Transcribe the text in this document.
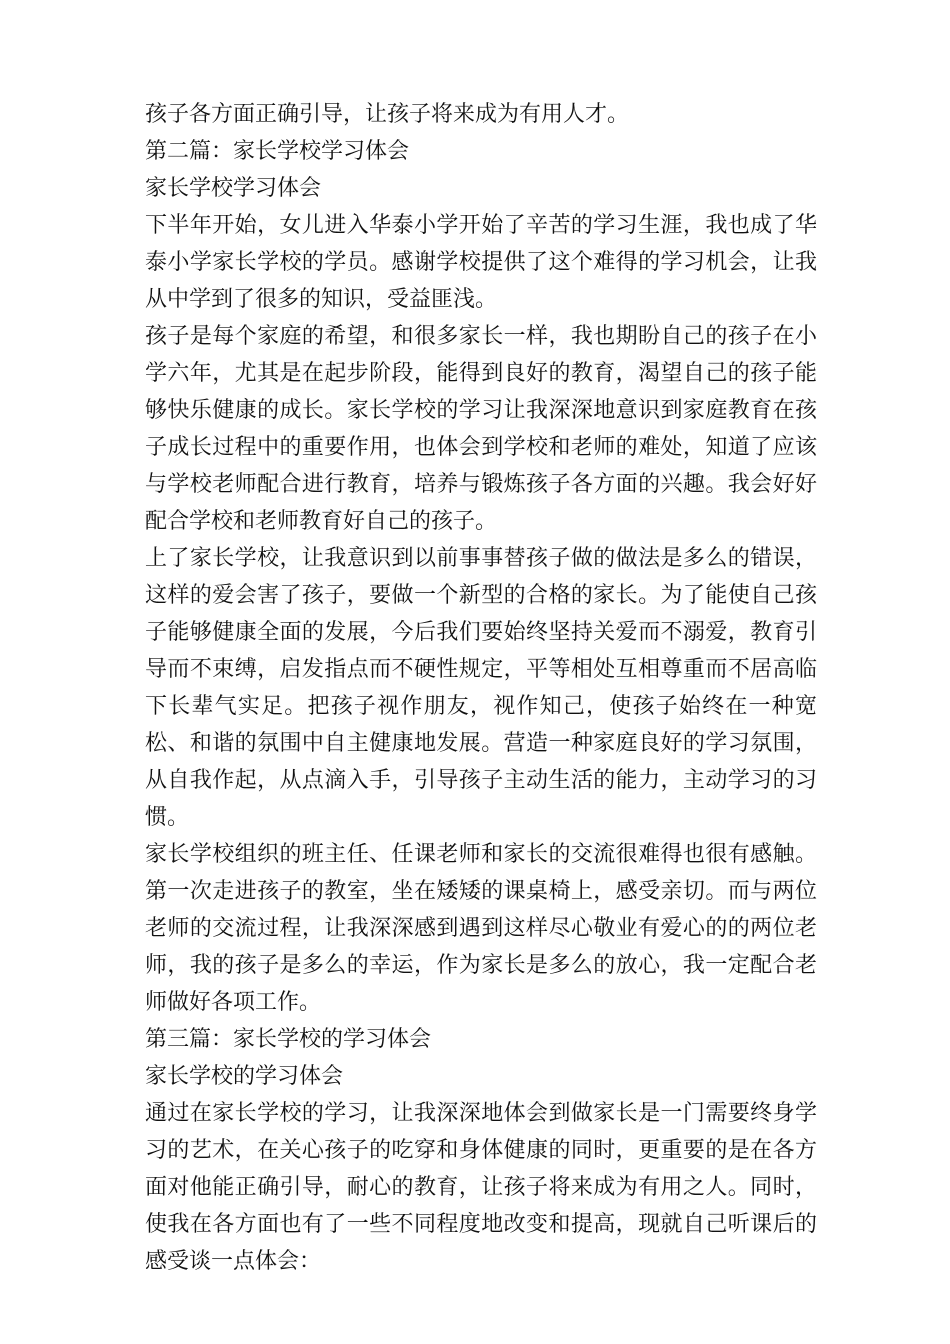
孩子各方面正确引导，让孩子将来成为有用人才。

第二篇：家长学校学习体会

家长学校学习体会

下半年开始，女儿进入华泰小学开始了辛苦的学习生涯，我也成了华泰小学家长学校的学员。感谢学校提供了这个难得的学习机会，让我从中学到了很多的知识，受益匪浅。

孩子是每个家庭的希望，和很多家长一样，我也期盼自己的孩子在小学六年，尤其是在起步阶段，能得到良好的教育，渴望自己的孩子能够快乐健康的成长。家长学校的学习让我深深地意识到家庭教育在孩子成长过程中的重要作用，也体会到学校和老师的难处，知道了应该与学校老师配合进行教育，培养与锻炼孩子各方面的兴趣。我会好好配合学校和老师教育好自己的孩子。

上了家长学校，让我意识到以前事事替孩子做的做法是多么的错误，这样的爱会害了孩子，要做一个新型的合格的家长。为了能使自己孩子能够健康全面的发展，今后我们要始终坚持关爱而不溺爱，教育引导而不束缚，启发指点而不硬性规定，平等相处互相尊重而不居高临下长辈气实足。把孩子视作朋友，视作知己，使孩子始终在一种宽松、和谐的氛围中自主健康地发展。营造一种家庭良好的学习氛围，从自我作起，从点滴入手，引导孩子主动生活的能力，主动学习的习惯。

家长学校组织的班主任、任课老师和家长的交流很难得也很有感触。第一次走进孩子的教室，坐在矮矮的课桌椅上，感受亲切。而与两位老师的交流过程，让我深深感到遇到这样尽心敬业有爱心的的两位老师，我的孩子是多么的幸运，作为家长是多么的放心，我一定配合老师做好各项工作。

第三篇：家长学校的学习体会

家长学校的学习体会

通过在家长学校的学习，让我深深地体会到做家长是一门需要终身学习的艺术，在关心孩子的吃穿和身体健康的同时，更重要的是在各方面对他能正确引导，耐心的教育，让孩子将来成为有用之人。同时，使我在各方面也有了一些不同程度地改变和提高，现就自己听课后的感受谈一点体会：
